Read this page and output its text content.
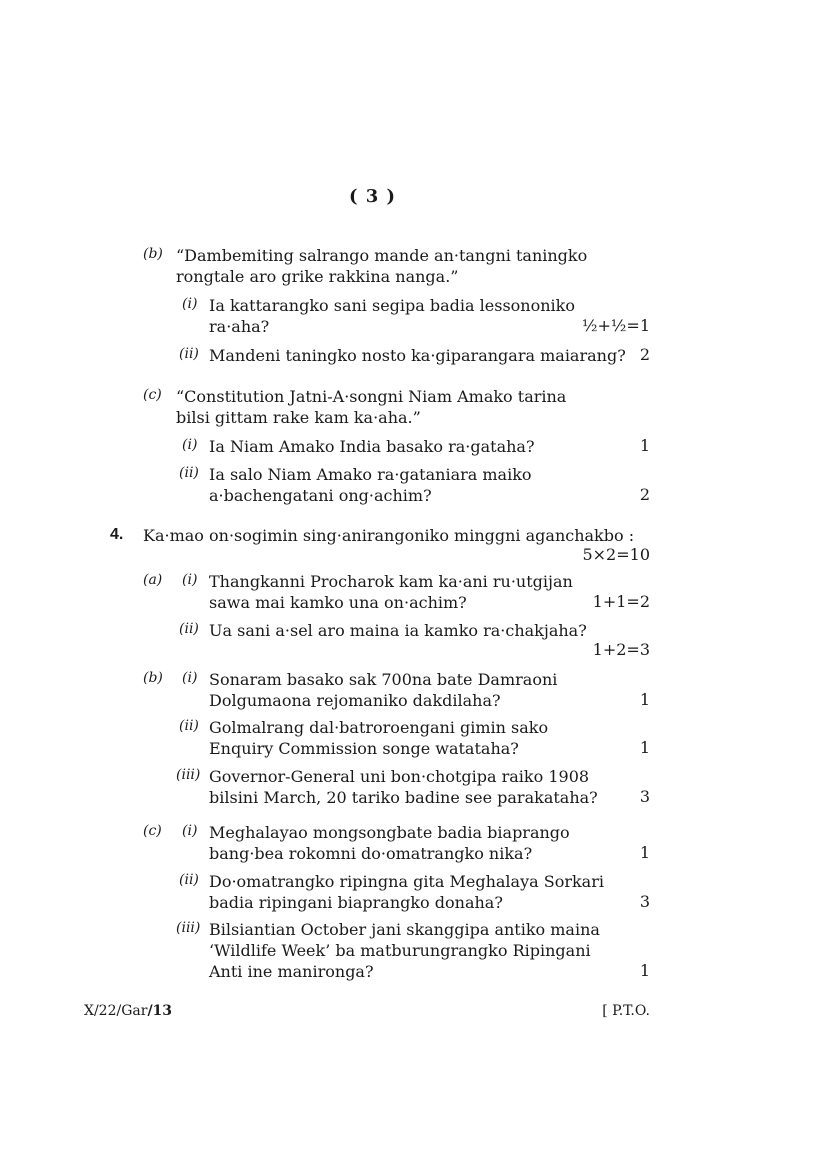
( 3 )
(b) “Dambemiting salrango mande an·tangni taningko
rongtale aro grike rakkina nanga.”
(i) Ia kattarangko sani segipa badia lessononiko
ra·aha?	½+½=1
(ii) Mandeni taningko nosto ka·giparangara maiarang? 2
(c) “Constitution Jatni-A·songni Niam Amako tarina
bilsi gittam rake kam ka·aha.”
(i) Ia Niam Amako India basako ra·gataha?	1
(ii) Ia salo Niam Amako ra·gataniara maiko
a·bachengatani ong·achim?	2
4. Ka·mao on·sogimin sing·anirangoniko minggni aganchakbo :
5×2=10
(a) (i) Thangkanni Procharok kam ka·ani ru·utgijan
sawa mai kamko una on·achim?	1+1=2
(ii) Ua sani a·sel aro maina ia kamko ra·chakjaha?
1+2=3
(b) (i) Sonaram basako sak 700na bate Damraoni
Dolgumaona rejomaniko dakdilaha?	1
(ii) Golmalrang dal·batroroengani gimin sako
Enquiry Commission songe watataha?	1
(iii) Governor-General uni bon·chotgipa raiko 1908
bilsini March, 20 tariko badine see parakataha?	3
(c) (i) Meghalayao mongsongbate badia biaprango
bang·bea rokomni do·omatrangko nika?	1
(ii) Do·omatrangko ripingna gita Meghalaya Sorkari
badia ripingani biaprangko donaha?	3
(iii) Bilsiantian October jani skanggipa antiko maina
‘Wildlife Week’ ba matburungrangko Ripingani
Anti ine manironga?	1
X/22/Gar/13	[ P.T.O.
